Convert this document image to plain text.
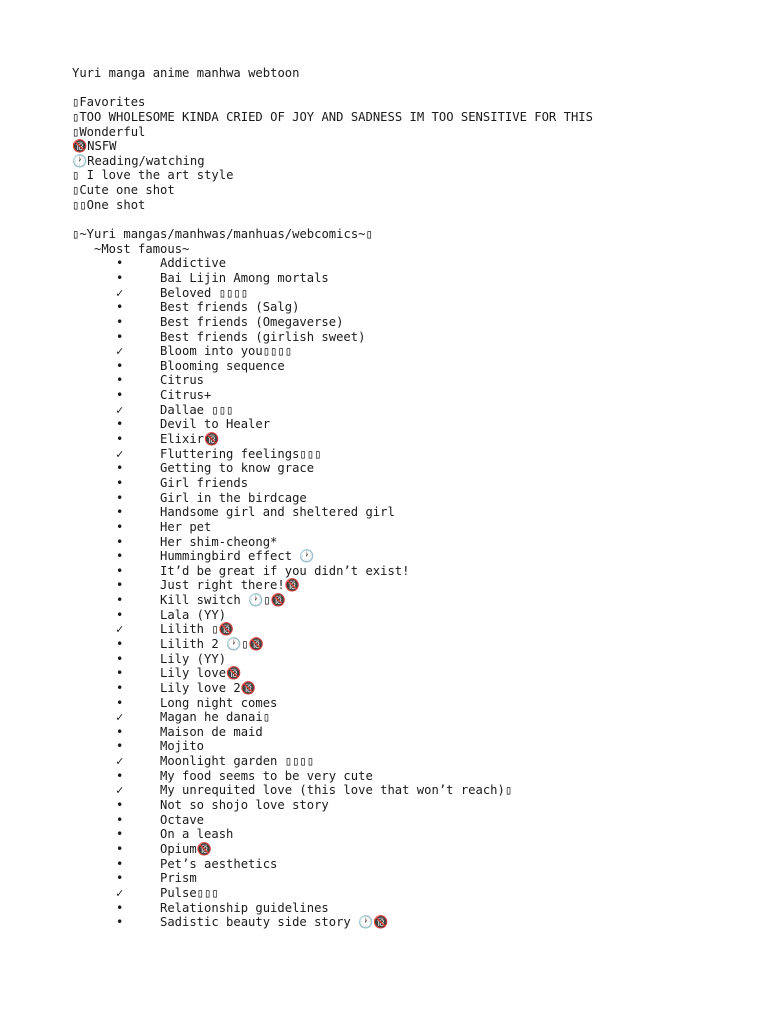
Yuri manga anime manhwa webtoon
▯Favorites
▯TOO WHOLESOME KINDA CRIED OF JOY AND SADNESS IM TOO SENSITIVE FOR THIS
▯Wonderful
🔞NSFW
🕐Reading/watching
▯ I love the art style
▯Cute one shot
▯▯One shot
▯~Yuri mangas/manhwas/manhuas/webcomics~▯
~Most famous~
•	Addictive
•	Bai Lijin Among mortals
✓	Beloved ▯▯▯▯
•	Best friends (Salg)
•	Best friends (Omegaverse)
•	Best friends (girlish sweet)
✓	Bloom into you▯▯▯▯
•	Blooming sequence
•	Citrus
•	Citrus+
✓	Dallae ▯▯▯
•	Devil to Healer
•	Elixir🔞
✓	Fluttering feelings▯▯▯
•	Getting to know grace
•	Girl friends
•	Girl in the birdcage
•	Handsome girl and sheltered girl
•	Her pet
•	Her shim-cheong*
•	Hummingbird effect 🕐
•	It’d be great if you didn’t exist!
•	Just right there!🔞
•	Kill switch 🕐▯🔞
•	Lala (YY)
✓	Lilith ▯🔞
•	Lilith 2 🕐▯🔞
•	Lily (YY)
•	Lily love🔞
•	Lily love 2🔞
•	Long night comes
✓	Magan he danai▯
•	Maison de maid
•	Mojito
✓	Moonlight garden ▯▯▯▯
•	My food seems to be very cute
✓	My unrequited love (this love that won’t reach)▯
•	Not so shojo love story
•	Octave
•	On a leash
•	Opium🔞
•	Pet’s aesthetics
•	Prism
✓	Pulse▯▯▯
•	Relationship guidelines
•	Sadistic beauty side story 🕐🔞
